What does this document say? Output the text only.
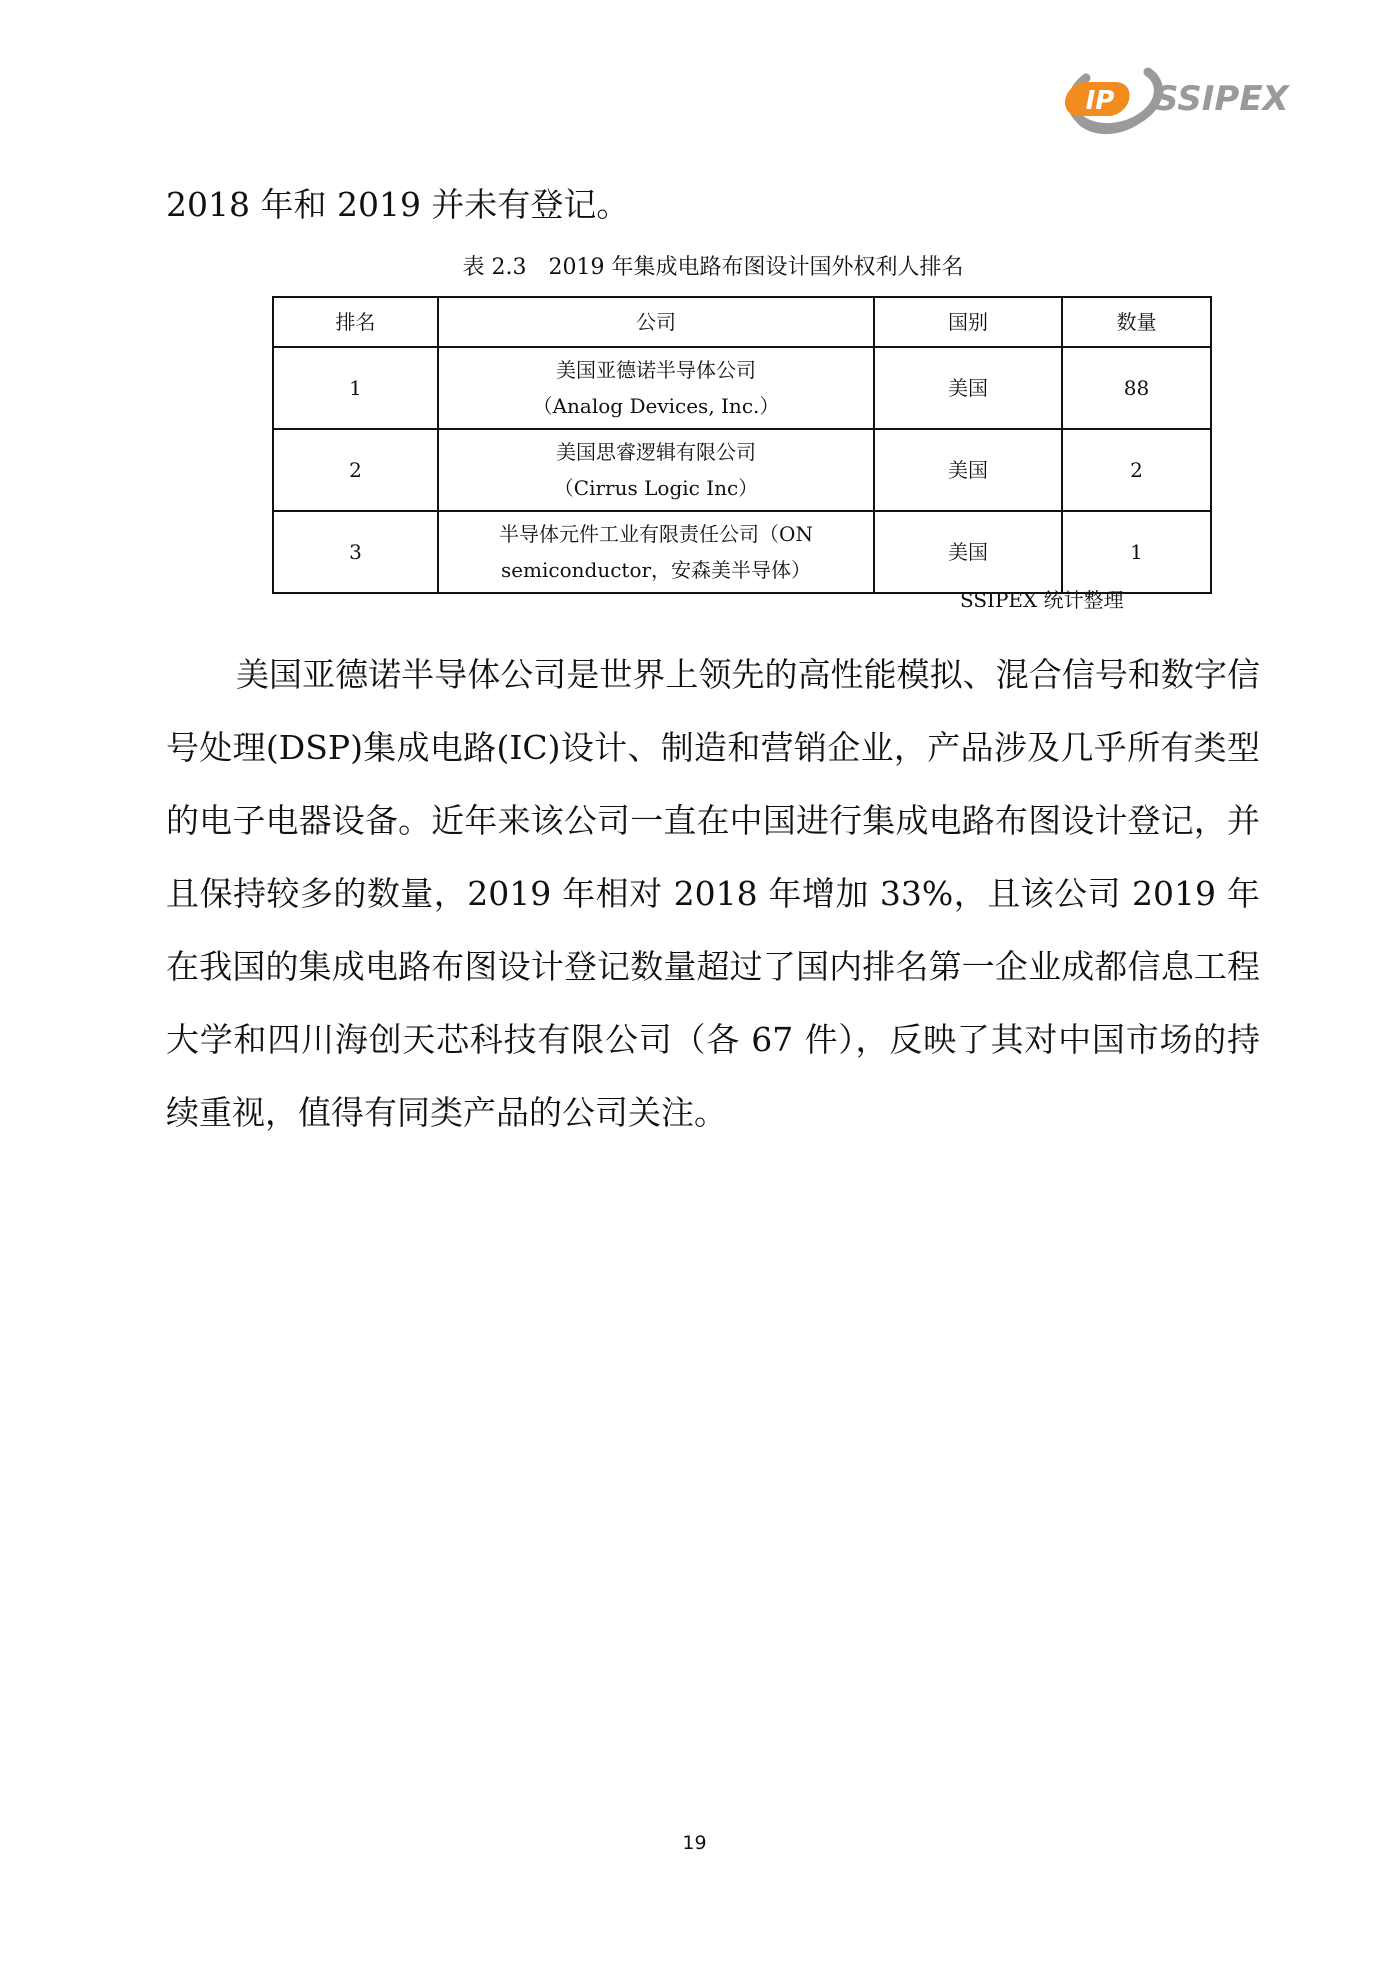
IP SSIPEX
2018 年和 2019 并未有登记。
表 2.3　2019 年集成电路布图设计国外权利人排名
排名	公司	国别	数量
1	美国亚德诺半导体公司
（Analog Devices, Inc.）	美国	88
2	美国思睿逻辑有限公司
（Cirrus Logic Inc）	美国	2
3	半导体元件工业有限责任公司（ON
semiconductor，安森美半导体）	美国	1
SSIPEX 统计整理

美国亚德诺半导体公司是世界上领先的高性能模拟、混合信号和数字信号处理(DSP)集成电路(IC)设计、制造和营销企业，产品涉及几乎所有类型的电子电器设备。近年来该公司一直在中国进行集成电路布图设计登记，并且保持较多的数量，2019 年相对 2018 年增加 33%，且该公司 2019 年在我国的集成电路布图设计登记数量超过了国内排名第一企业成都信息工程大学和四川海创天芯科技有限公司（各 67 件），反映了其对中国市场的持续重视，值得有同类产品的公司关注。

19
